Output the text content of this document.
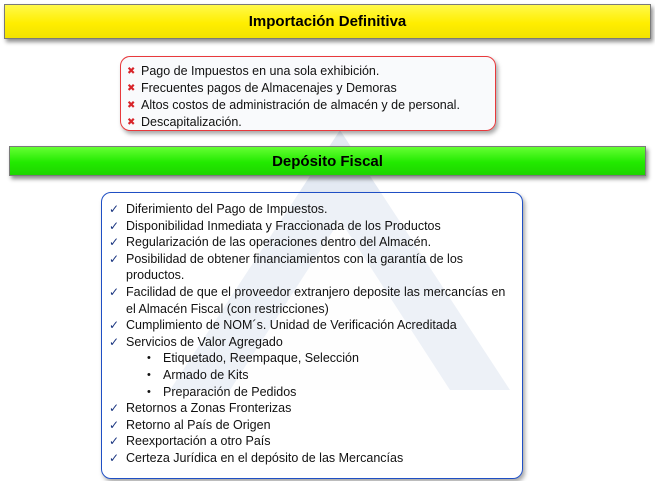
Importación Definitiva
✖ Pago de Impuestos en una sola exhibición.
✖ Frecuentes pagos de Almacenajes y Demoras
✖ Altos costos de administración de almacén y de personal.
✖ Descapitalización.
Depósito Fiscal
✓ Diferimiento del Pago de Impuestos.
✓ Disponibilidad Inmediata y Fraccionada de los Productos
✓ Regularización de las operaciones dentro del Almacén.
✓ Posibilidad de obtener financiamientos con la garantía de los productos.
✓ Facilidad de que el proveedor extranjero deposite las mercancías en el Almacén Fiscal (con restricciones)
✓ Cumplimiento de NOM´s. Unidad de Verificación Acreditada
✓ Servicios de Valor Agregado
• Etiquetado, Reempaque, Selección
• Armado de Kits
• Preparación de Pedidos
✓ Retornos a Zonas Fronterizas
✓ Retorno al País de Origen
✓ Reexportación a otro País
✓ Certeza Jurídica en el depósito de las Mercancías
